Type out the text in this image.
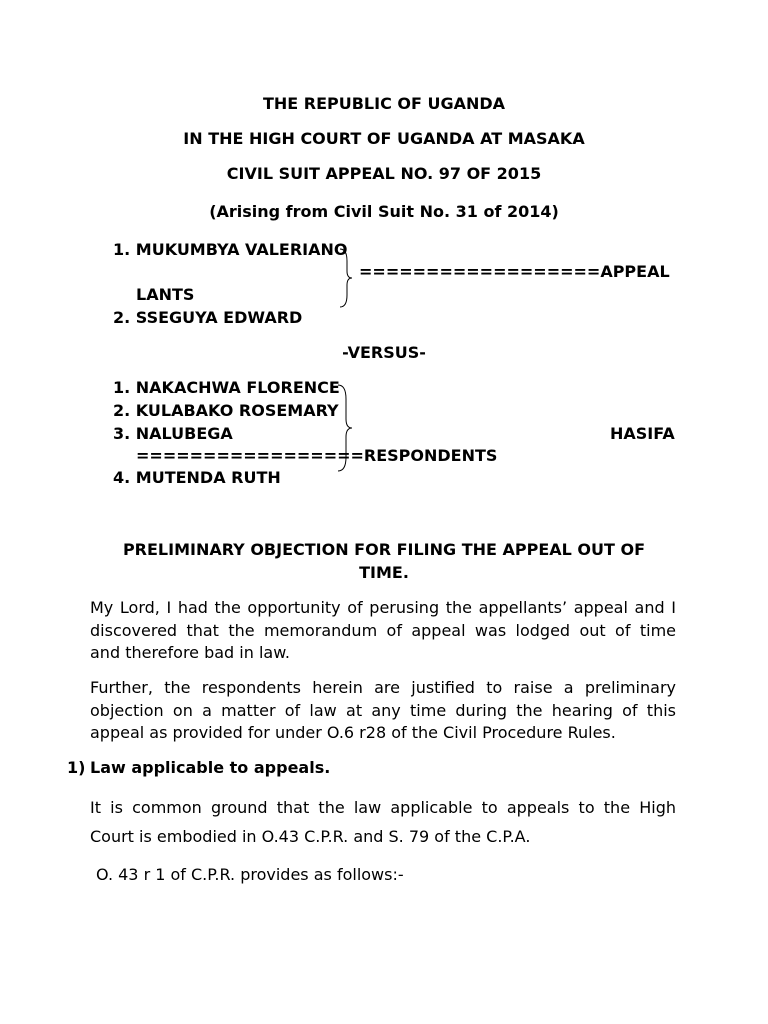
THE REPUBLIC OF UGANDA
IN THE HIGH COURT OF UGANDA AT MASAKA
CIVIL SUIT APPEAL NO. 97 OF 2015
(Arising from Civil Suit No. 31 of 2014)
1. MUKUMBYA VALERIANO
==================APPEAL
LANTS
2. SSEGUYA EDWARD
-VERSUS-
1. NAKACHWA FLORENCE
2. KULABAKO ROSEMARY
3. NALUBEGA	HASIFA
=================RESPONDENTS
4. MUTENDA RUTH
PRELIMINARY OBJECTION FOR FILING THE APPEAL OUT OF
TIME.
My Lord, I had the opportunity of perusing the appellants’ appeal and I
discovered that the memorandum of appeal was lodged out of time
and therefore bad in law.
Further, the respondents herein are justified to raise a preliminary
objection on a matter of law at any time during the hearing of this
appeal as provided for under O.6 r28 of the Civil Procedure Rules.
1) Law applicable to appeals.
It is common ground that the law applicable to appeals to the High
Court is embodied in O.43 C.P.R. and S. 79 of the C.P.A.
O. 43 r 1 of C.P.R. provides as follows:-
